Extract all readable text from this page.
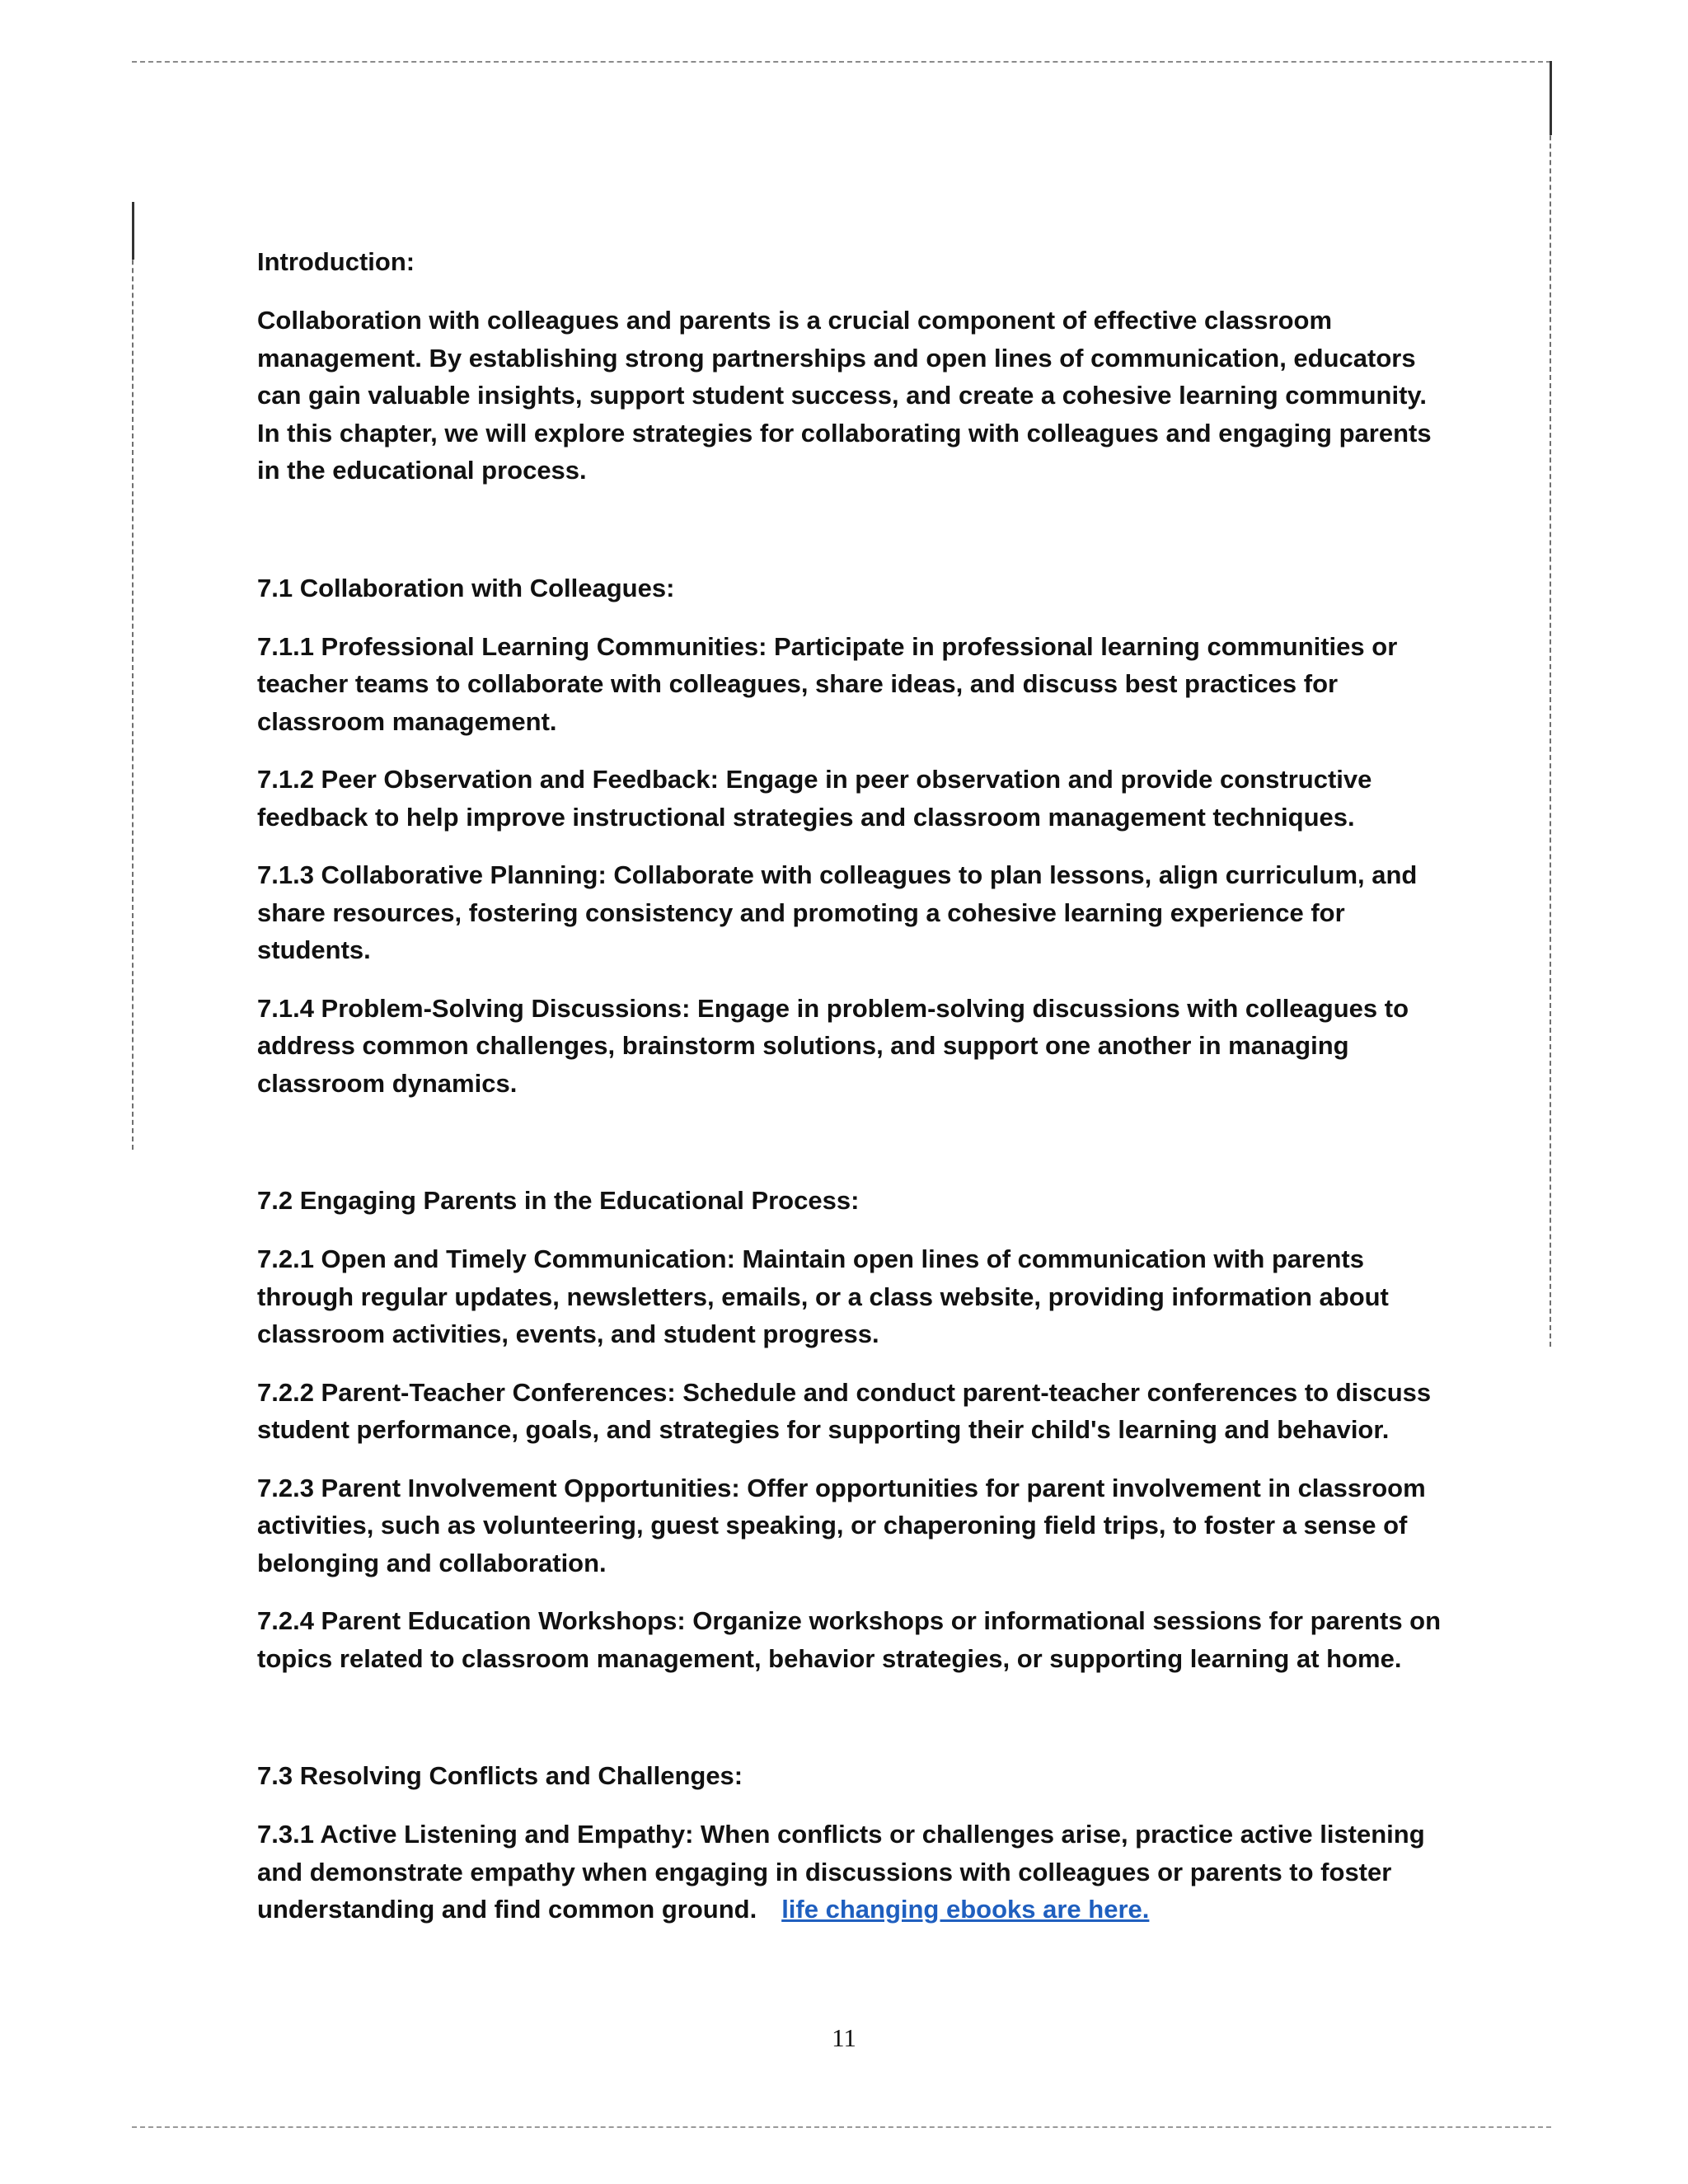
Introduction:
Collaboration with colleagues and parents is a crucial component of effective classroom management. By establishing strong partnerships and open lines of communication, educators can gain valuable insights, support student success, and create a cohesive learning community. In this chapter, we will explore strategies for collaborating with colleagues and engaging parents in the educational process.
7.1 Collaboration with Colleagues:
7.1.1 Professional Learning Communities: Participate in professional learning communities or teacher teams to collaborate with colleagues, share ideas, and discuss best practices for classroom management.
7.1.2 Peer Observation and Feedback: Engage in peer observation and provide constructive feedback to help improve instructional strategies and classroom management techniques.
7.1.3 Collaborative Planning: Collaborate with colleagues to plan lessons, align curriculum, and share resources, fostering consistency and promoting a cohesive learning experience for students.
7.1.4 Problem-Solving Discussions: Engage in problem-solving discussions with colleagues to address common challenges, brainstorm solutions, and support one another in managing classroom dynamics.
7.2 Engaging Parents in the Educational Process:
7.2.1 Open and Timely Communication: Maintain open lines of communication with parents through regular updates, newsletters, emails, or a class website, providing information about classroom activities, events, and student progress.
7.2.2 Parent-Teacher Conferences: Schedule and conduct parent-teacher conferences to discuss student performance, goals, and strategies for supporting their child's learning and behavior.
7.2.3 Parent Involvement Opportunities: Offer opportunities for parent involvement in classroom activities, such as volunteering, guest speaking, or chaperoning field trips, to foster a sense of belonging and collaboration.
7.2.4 Parent Education Workshops: Organize workshops or informational sessions for parents on topics related to classroom management, behavior strategies, or supporting learning at home.
7.3 Resolving Conflicts and Challenges:
7.3.1 Active Listening and Empathy: When conflicts or challenges arise, practice active listening and demonstrate empathy when engaging in discussions with colleagues or parents to foster understanding and find common ground. life changing ebooks are here.
11
